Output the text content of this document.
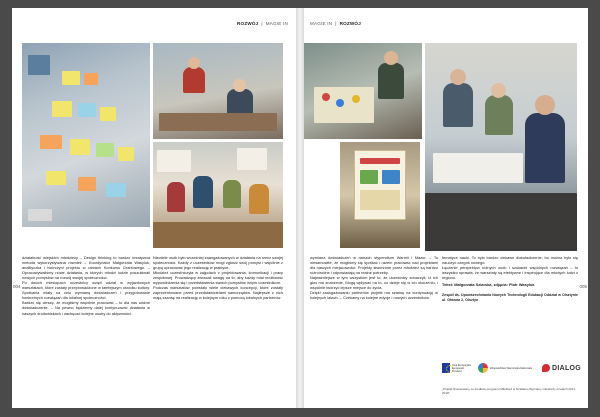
ROZWÓJ  |  MAGIE IN

działalność wiejskich młodzieży – Design thinking to bardzo kreatywna metoda wykorzystywana również – Koordynator Małgorzata Wasyluk, analityczka i twórczyni projektu w ramach Konkursu Grantowego. – Opracowywaliśmy nowe działania, w których młodzi ludzie poszukiwali nowych pomysłów na rozwój swojej społeczności.

Po dwóch miesiącach uczestnicy wzięli udział w wyjazdowych warsztatach, które zostały przeprowadzone w tamtejszym ośrodku kultury. Spotkania miały na celu wymianę doświadczeń i przygotowanie konkretnych rozwiązań dla lokalnej społeczności.

Bardzo się cieszę, że mogliśmy wspólnie pracować – to dla nas ważne doświadczenie. – Na pewno będziemy dalej kontynuować działania w naszych środowiskach i zachęcać kolejne osoby do aktywności.

Niewiele osób było wcześniej zaangażowanych w działania na rzecz swojej społeczności. Każdy z uczestników mógł zgłosić swój pomysł i wspólnie z grupą opracować jego realizację w praktyce.

Młodzież uczestniczyła w zajęciach z projektowania, komunikacji i pracy zespołowej. Prowadzący zwracali uwagę na to, aby każdy miał możliwość wypowiedzenia się i przedstawienia swoich pomysłów innym uczestnikom.

Podczas warsztatów powstało wiele ciekawych koncepcji, które zostały zaprezentowane przed przedstawicielami samorządów. Najlepsze z nich mają szansę na realizację w kolejnym roku z pomocą lokalnych partnerów.

004
MAGIE IN  |  ROZWÓJ

wymiana doświadczeń w ramach stypendium Warmii i Mazur. – To niesamowite, że mogliśmy się spotkać i razem pracować nad projektami dla naszych miejscowości. Projekty stworzone przez młodzież są bardzo różnorodne i odpowiadają na realne potrzeby.

Najważniejsze w tym wszystkim jest to, że uczestnicy zobaczyli, iż ich głos ma znaczenie. Mogą wpływać na to, co dzieje się w ich otoczeniu, i wspólnie tworzyć lepsze miejsce do życia.

Dzięki zaangażowaniu partnerów projekt ma szansę na kontynuację w kolejnych latach. – Czekamy na kolejne edycje i nowych uczestników.

tematyce nauki. To było bardzo ciekawe doświadczenie, bo można było się nauczyć czegoś nowego.

Łączenie perspektyw różnych osób i szukanie wspólnych rozwiązań – to wszystko sprawia, że warsztaty są efektywne i inspirujące dla młodych ludzi z regionu.

Tekst: Małgorzata Szlarska, zdjęcia: Piotr Wasyluk

Zespół ds. Upowszechniania Nowych Technologii Edukacji Oddział w Olsztynie ul. Główna 2, Olsztyn

Unia Europejska Europejski Fundusz
Województwo Warmińsko-Mazurskie	DIALOG
„Projekt finansowany ze środków programu Młodzież w Działaniu Wymiany młodzieży w latach 2017-2019”
005
